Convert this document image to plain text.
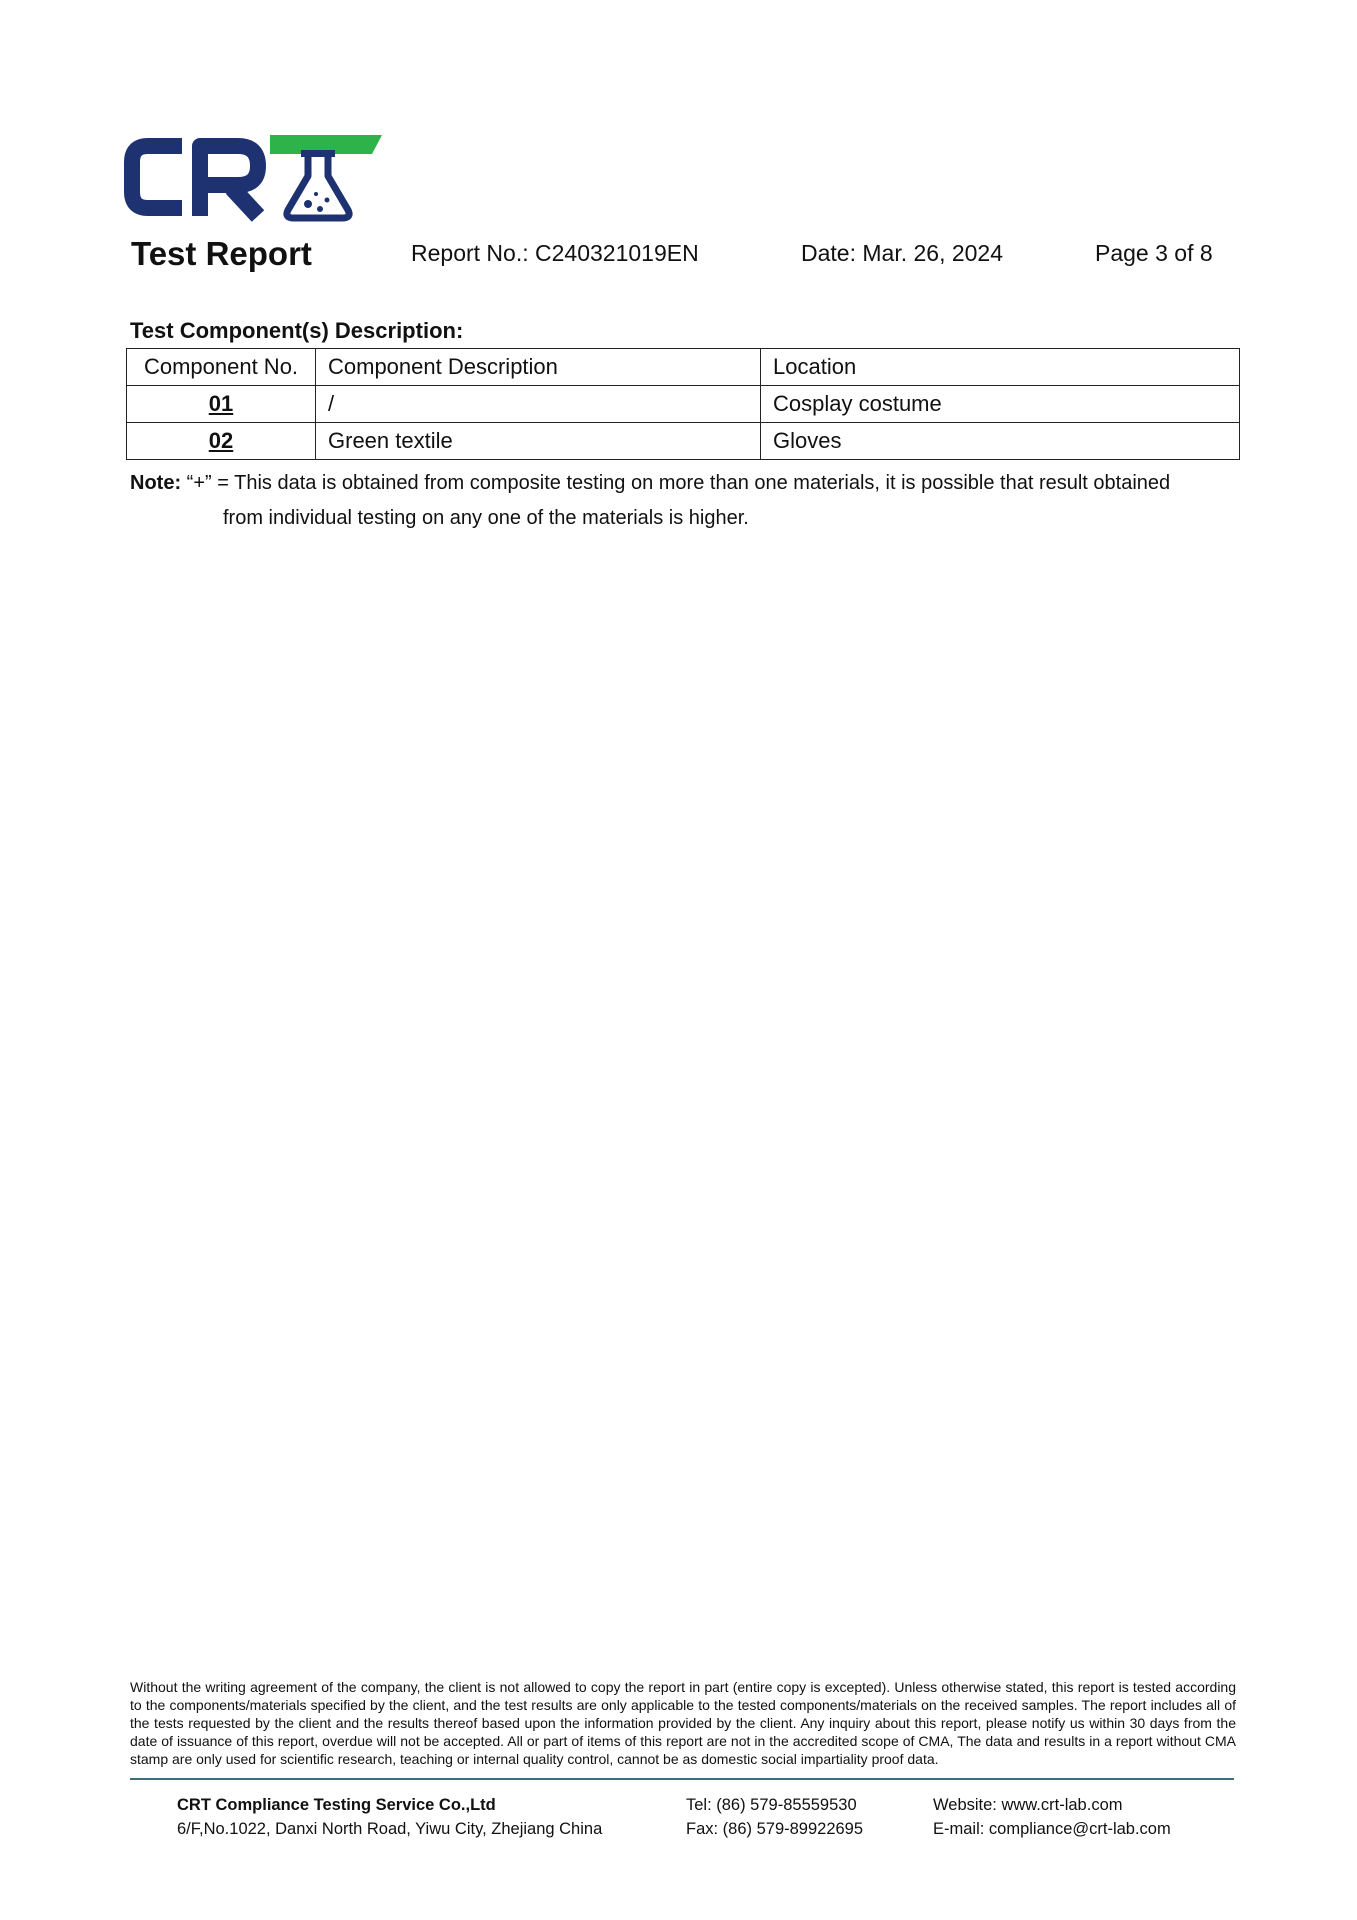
Test Report	Report No.: C240321019EN	Date: Mar. 26, 2024	Page 3 of 8
Test Component(s) Description:
Component No.	Component Description	Location
01	/	Cosplay costume
02	Green textile	Gloves
Note: “+” = This data is obtained from composite testing on more than one materials, it is possible that result obtained
from individual testing on any one of the materials is higher.
Without the writing agreement of the company, the client is not allowed to copy the report in part (entire copy is excepted). Unless otherwise stated, this report is tested according to the components/materials specified by the client, and the test results are only applicable to the tested components/materials on the received samples. The report includes all of the tests requested by the client and the results thereof based upon the information provided by the client. Any inquiry about this report, please notify us within 30 days from the date of issuance of this report, overdue will not be accepted. All or part of items of this report are not in the accredited scope of CMA, The data and results in a report without CMA stamp are only used for scientific research, teaching or internal quality control, cannot be as domestic social impartiality proof data.
CRT Compliance Testing Service Co.,Ltd
6/F,No.1022, Danxi North Road, Yiwu City, Zhejiang China
Tel: (86) 579-85559530
Fax: (86) 579-89922695
Website: www.crt-lab.com
E-mail: compliance@crt-lab.com
